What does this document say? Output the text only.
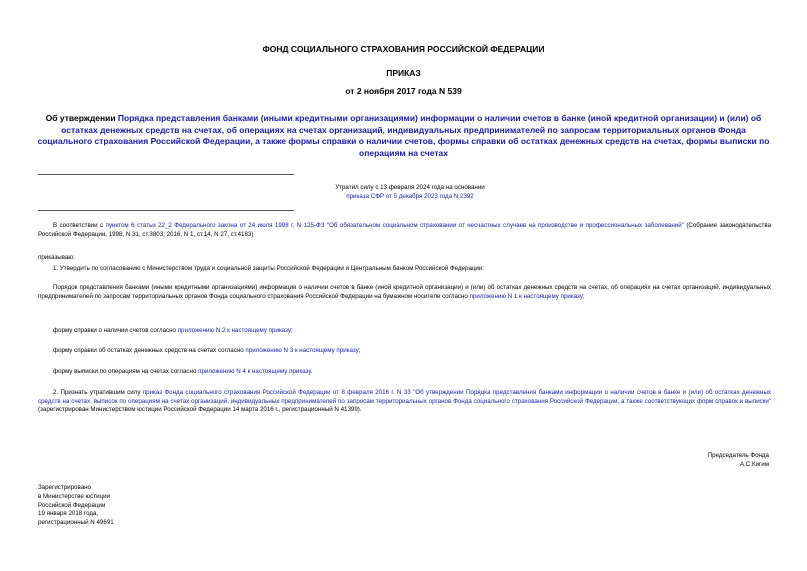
ФОНД СОЦИАЛЬНОГО СТРАХОВАНИЯ РОССИЙСКОЙ ФЕДЕРАЦИИ
ПРИКАЗ
от 2 ноября 2017 года N 539
Об утверждении Порядка представления банками (иными кредитными организациями) информации о наличии счетов в банке (иной кредитной организации) и (или) об остатках денежных средств на счетах, об операциях на счетах организаций, индивидуальных предпринимателей по запросам территориальных органов Фонда социального страхования Российской Федерации, а также формы справки о наличии счетов, формы справки об остатках денежных средств на счетах, формы выписки по операциям на счетах
Утратил силу с 13 февраля 2024 года на основании
приказа СФР от 5 декабря 2023 года N 2392
В соответствии с пунктом 6 статьи 22_2 Федерального закона от 24 июля 1998 г. N 125-ФЗ "Об обязательном социальном страховании от несчастных случаев на производстве и профессиональных заболеваний" (Собрание законодательства Российской Федерации, 1998, N 31, ст.3803; 2016, N 1, ст.14, N 27, ст.4183)
приказываю:
1. Утвердить по согласованию с Министерством труда и социальной защиты Российской Федерации и Центральным банком Российской Федерации:
Порядок представления банками (иными кредитными организациями) информации о наличии счетов в банке (иной кредитной организации) и (или) об остатках денежных средств на счетах, об операциях на счетах организаций, индивидуальных предпринимателей по запросам территориальных органов Фонда социального страхования Российской Федерации на бумажном носителе согласно приложению N 1 к настоящему приказу;
форму справки о наличии счетов согласно приложению N 2 к настоящему приказу;
форму справки об остатках денежных средств на счетах согласно приложению N 3 к настоящему приказу;
форму выписки по операциям на счетах согласно приложению N 4 к настоящему приказу.
2. Признать утратившим силу приказ Фонда социального страхования Российской Федерации от 8 февраля 2016 г. N 33 "Об утверждении Порядка представления банками информации о наличии счетов в банке и (или) об остатках денежных средств на счетах, выписок по операциям на счетах организаций, индивидуальных предпринимателей по запросам территориальных органов Фонда социального страхования Российской Федерации, а также соответствующих форм справок и выписки" (зарегистрирован Министерством юстиции Российской Федерации 14 марта 2016 г., регистрационный N 41399).
Председатель Фонда
А.С.Кигим
Зарегистрировано
в Министерстве юстиции
Российской Федерации
19 января 2018 года,
регистрационный N 49691
